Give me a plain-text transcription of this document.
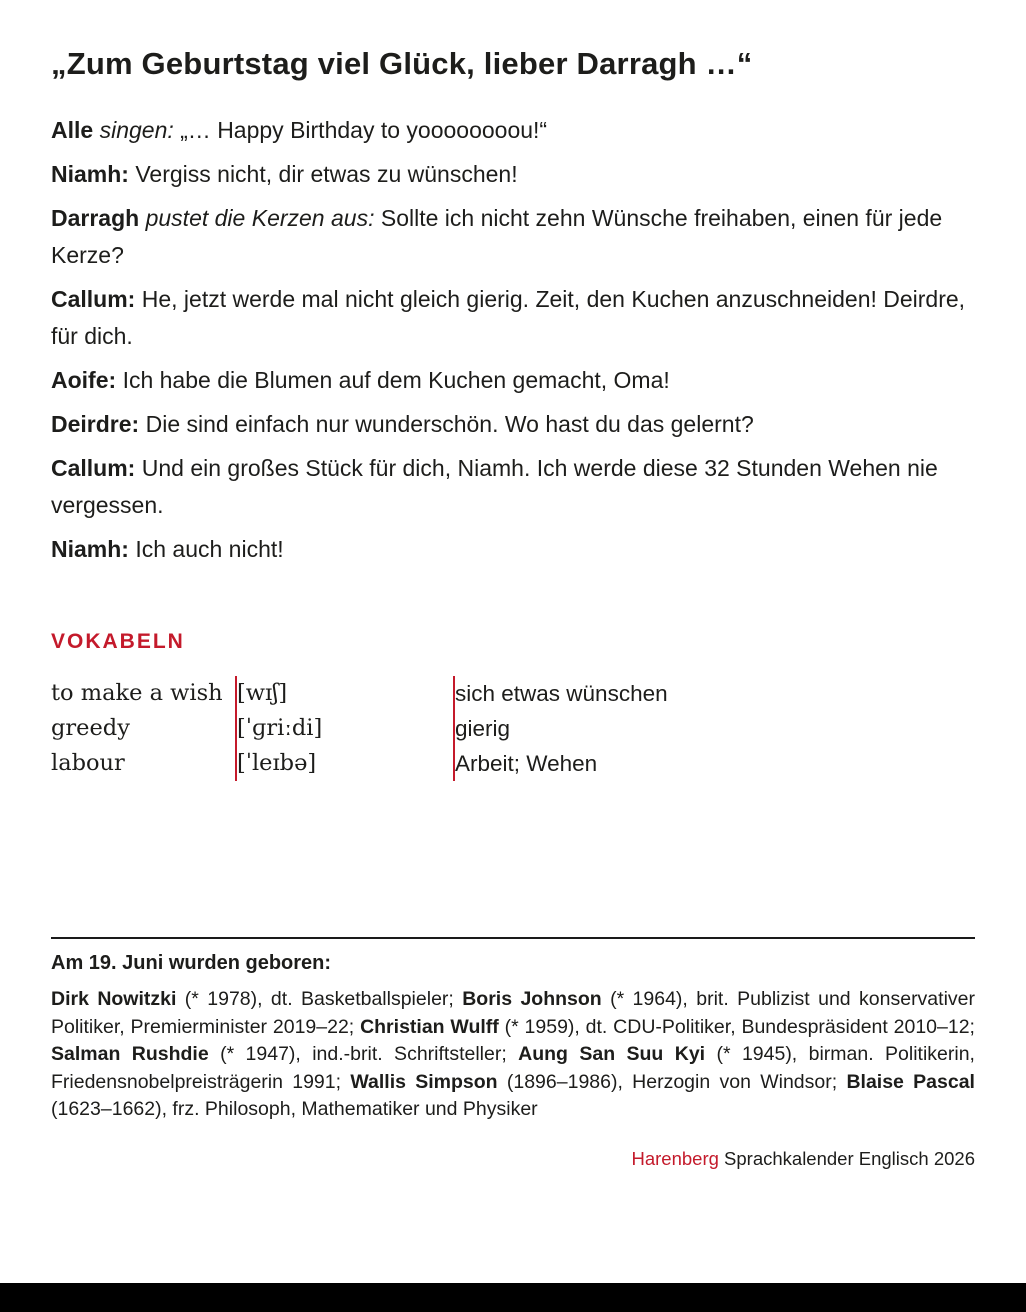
„Zum Geburtstag viel Glück, lieber Darragh …“

Alle singen: „… Happy Birthday to yoooooooou!“

Niamh: Vergiss nicht, dir etwas zu wünschen!

Darragh pustet die Kerzen aus: Sollte ich nicht zehn Wünsche freihaben, einen für jede Kerze?

Callum: He, jetzt werde mal nicht gleich gierig. Zeit, den Kuchen anzuschneiden! Deirdre, für dich.

Aoife: Ich habe die Blumen auf dem Kuchen gemacht, Oma!

Deirdre: Die sind einfach nur wunderschön. Wo hast du das gelernt?

Callum: Und ein großes Stück für dich, Niamh. Ich werde diese 32 Stunden Wehen nie vergessen.

Niamh: Ich auch nicht!

VOKABELN
to make a wish	[wɪʃ]	sich etwas wünschen
greedy	[ˈɡriːdi]	gierig
labour	[ˈleɪbə]	Arbeit; Wehen
Am 19. Juni wurden geboren:

Dirk Nowitzki (* 1978), dt. Basketballspieler; Boris Johnson (* 1964), brit. Publizist und konservativer Politiker, Premierminister 2019–22; Christian Wulff (* 1959), dt. CDU-Politiker, Bundespräsident 2010–12; Salman Rushdie (* 1947), ind.-brit. Schriftsteller; Aung San Suu Kyi (* 1945), birman. Politikerin, Friedensnobelpreisträgerin 1991; Wallis Simpson (1896–1986), Herzogin von Windsor; Blaise Pascal (1623–1662), frz. Philosoph, Mathematiker und Physiker

Harenberg Sprachkalender Englisch 2026
